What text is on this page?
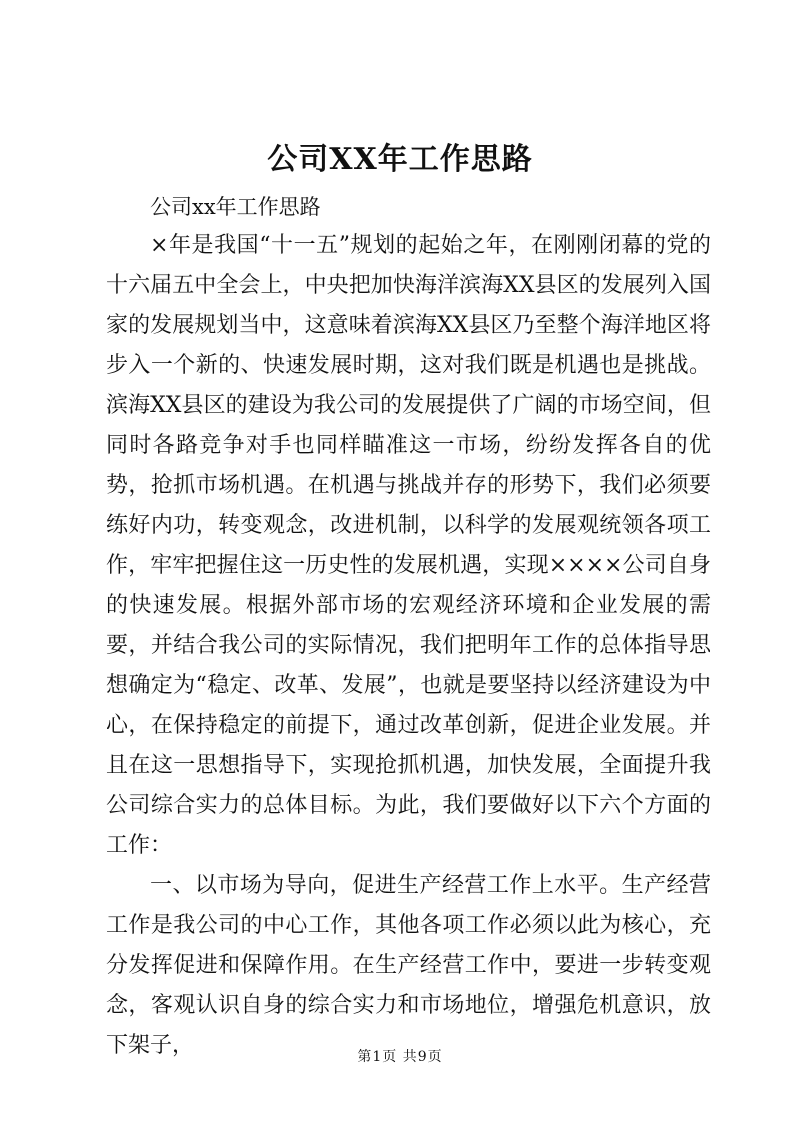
公司XX年工作思路
公司xx年工作思路

×年是我国“十一五”规划的起始之年，在刚刚闭幕的党的十六届五中全会上，中央把加快海洋滨海XX县区的发展列入国家的发展规划当中，这意味着滨海XX县区乃至整个海洋地区将步入一个新的、快速发展时期，这对我们既是机遇也是挑战。滨海XX县区的建设为我公司的发展提供了广阔的市场空间，但同时各路竞争对手也同样瞄准这一市场，纷纷发挥各自的优势，抢抓市场机遇。在机遇与挑战并存的形势下，我们必须要练好内功，转变观念，改进机制，以科学的发展观统领各项工作，牢牢把握住这一历史性的发展机遇，实现××××公司自身的快速发展。根据外部市场的宏观经济环境和企业发展的需要，并结合我公司的实际情况，我们把明年工作的总体指导思想确定为“稳定、改革、发展”，也就是要坚持以经济建设为中心，在保持稳定的前提下，通过改革创新，促进企业发展。并且在这一思想指导下，实现抢抓机遇，加快发展，全面提升我公司综合实力的总体目标。为此，我们要做好以下六个方面的工作：

一、以市场为导向，促进生产经营工作上水平。生产经营工作是我公司的中心工作，其他各项工作必须以此为核心，充分发挥促进和保障作用。在生产经营工作中，要进一步转变观念，客观认识自身的综合实力和市场地位，增强危机意识，放下架子，	第1页 共9页
